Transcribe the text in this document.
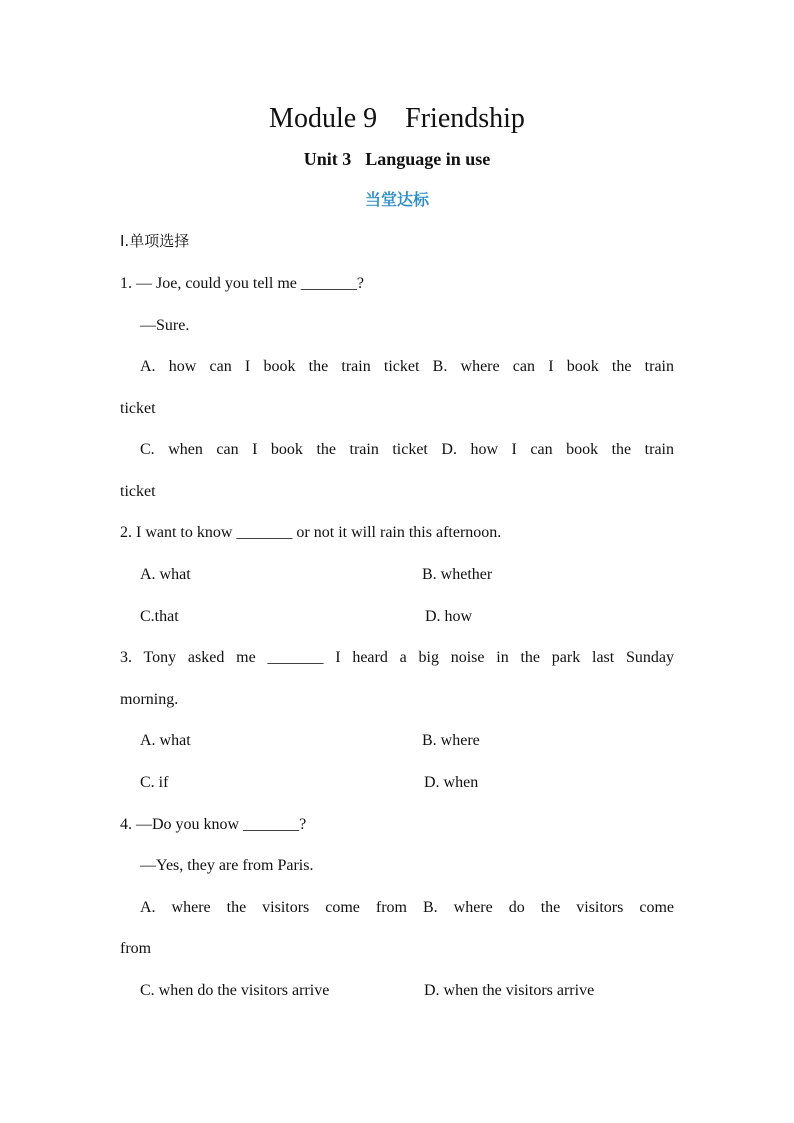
Module 9 Friendship
Unit 3 Language in use
当堂达标
Ⅰ.单项选择
1. — Joe, could you tell me _______?
—Sure.
A. how can I book the train ticket B. where can I book the train
ticket
C. when can I book the train ticket D. how I can book the train
ticket
2. I want to know _______ or not it will rain this afternoon.
A. what	B. whether
C.that	D. how
3. Tony asked me _______ I heard a big noise in the park last Sunday
morning.
A. what	B. where
C. if	D. when
4. —Do you know _______?
—Yes, they are from Paris.
A. where the visitors come from B. where do the visitors come
from
C. when do the visitors arrive	D. when the visitors arrive
